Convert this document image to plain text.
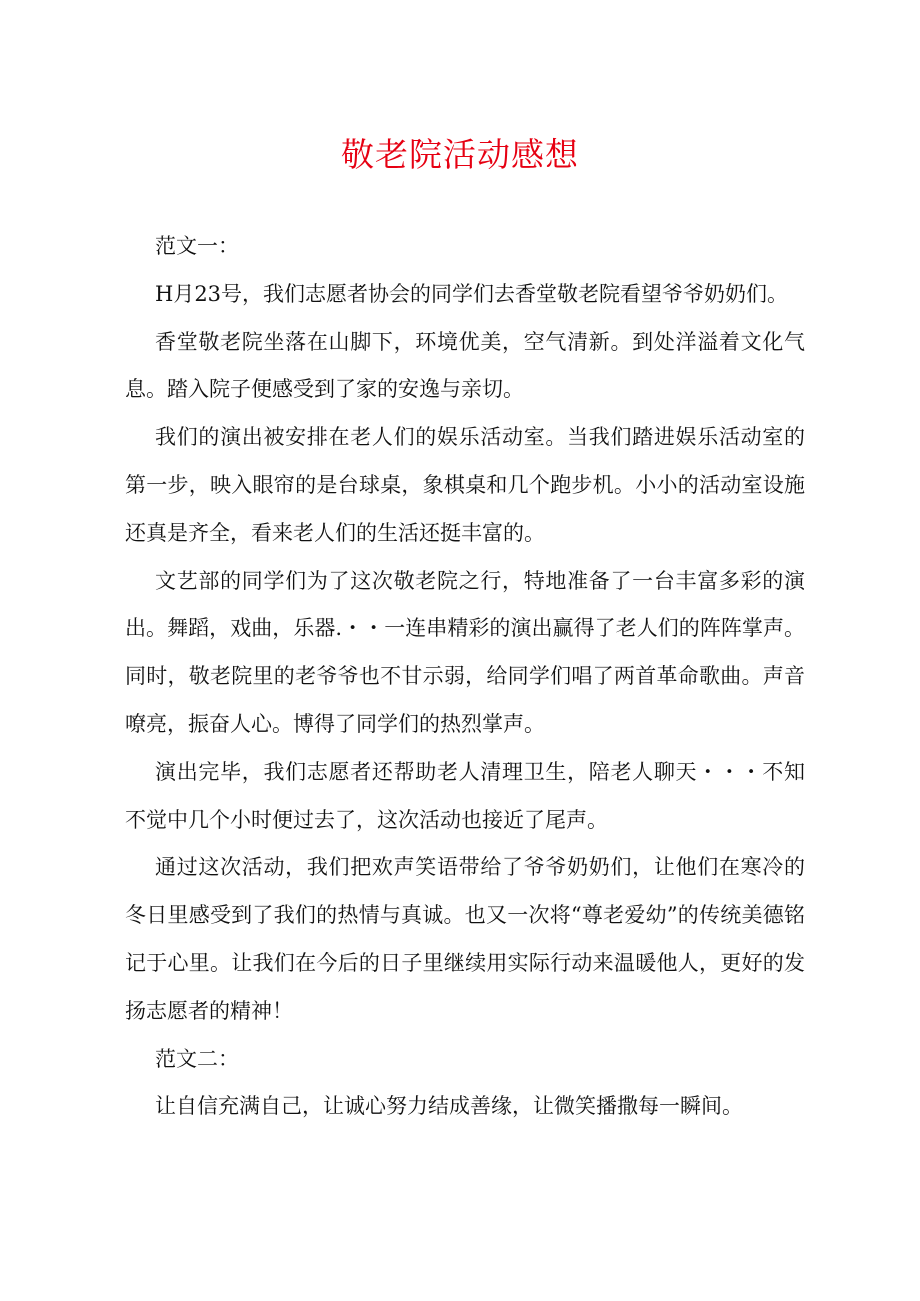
敬老院活动感想

范文一：

H月23号，我们志愿者协会的同学们去香堂敬老院看望爷爷奶奶们。

香堂敬老院坐落在山脚下，环境优美，空气清新。到处洋溢着文化气息。踏入院子便感受到了家的安逸与亲切。

我们的演出被安排在老人们的娱乐活动室。当我们踏进娱乐活动室的第一步，映入眼帘的是台球桌，象棋桌和几个跑步机。小小的活动室设施还真是齐全，看来老人们的生活还挺丰富的。

文艺部的同学们为了这次敬老院之行，特地准备了一台丰富多彩的演出。舞蹈，戏曲，乐器.・・一连串精彩的演出赢得了老人们的阵阵掌声。同时，敬老院里的老爷爷也不甘示弱，给同学们唱了两首革命歌曲。声音嘹亮，振奋人心。博得了同学们的热烈掌声。

演出完毕，我们志愿者还帮助老人清理卫生，陪老人聊天・・・不知不觉中几个小时便过去了，这次活动也接近了尾声。

通过这次活动，我们把欢声笑语带给了爷爷奶奶们，让他们在寒冷的冬日里感受到了我们的热情与真诚。也又一次将“尊老爱幼”的传统美德铭记于心里。让我们在今后的日子里继续用实际行动来温暖他人，更好的发扬志愿者的精神！

范文二：

让自信充满自己，让诚心努力结成善缘，让微笑播撒每一瞬间。
